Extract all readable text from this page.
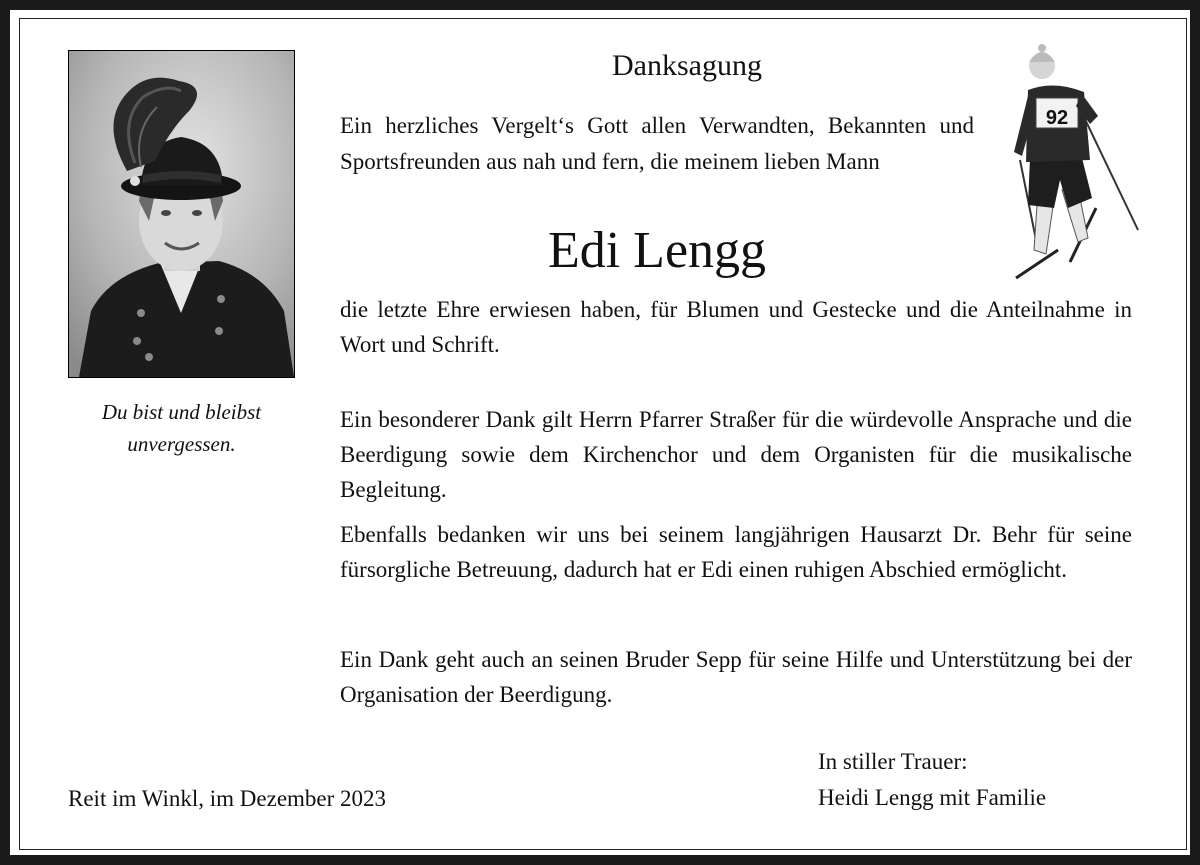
Du bist und bleibst
unvergessen.
92
Danksagung
Ein herzliches Vergelt‘s Gott allen Verwandten, Bekannten und Sportsfreunden aus nah und fern, die meinem lieben Mann
Edi Lengg
die letzte Ehre erwiesen haben, für Blumen und Gestecke und die Anteilnahme in Wort und Schrift.
Ein besonderer Dank gilt Herrn Pfarrer Straßer für die würdevolle Ansprache und die Beerdigung sowie dem Kirchenchor und dem Organisten für die musikalische Begleitung.
Ebenfalls bedanken wir uns bei seinem langjährigen Hausarzt Dr. Behr für seine fürsorgliche Betreuung, dadurch hat er Edi einen ruhigen Abschied ermöglicht.
Ein Dank geht auch an seinen Bruder Sepp für seine Hilfe und Unterstützung bei der Organisation der Beerdigung.
Reit im Winkl, im Dezember 2023
In stiller Trauer:
Heidi Lengg mit Familie
